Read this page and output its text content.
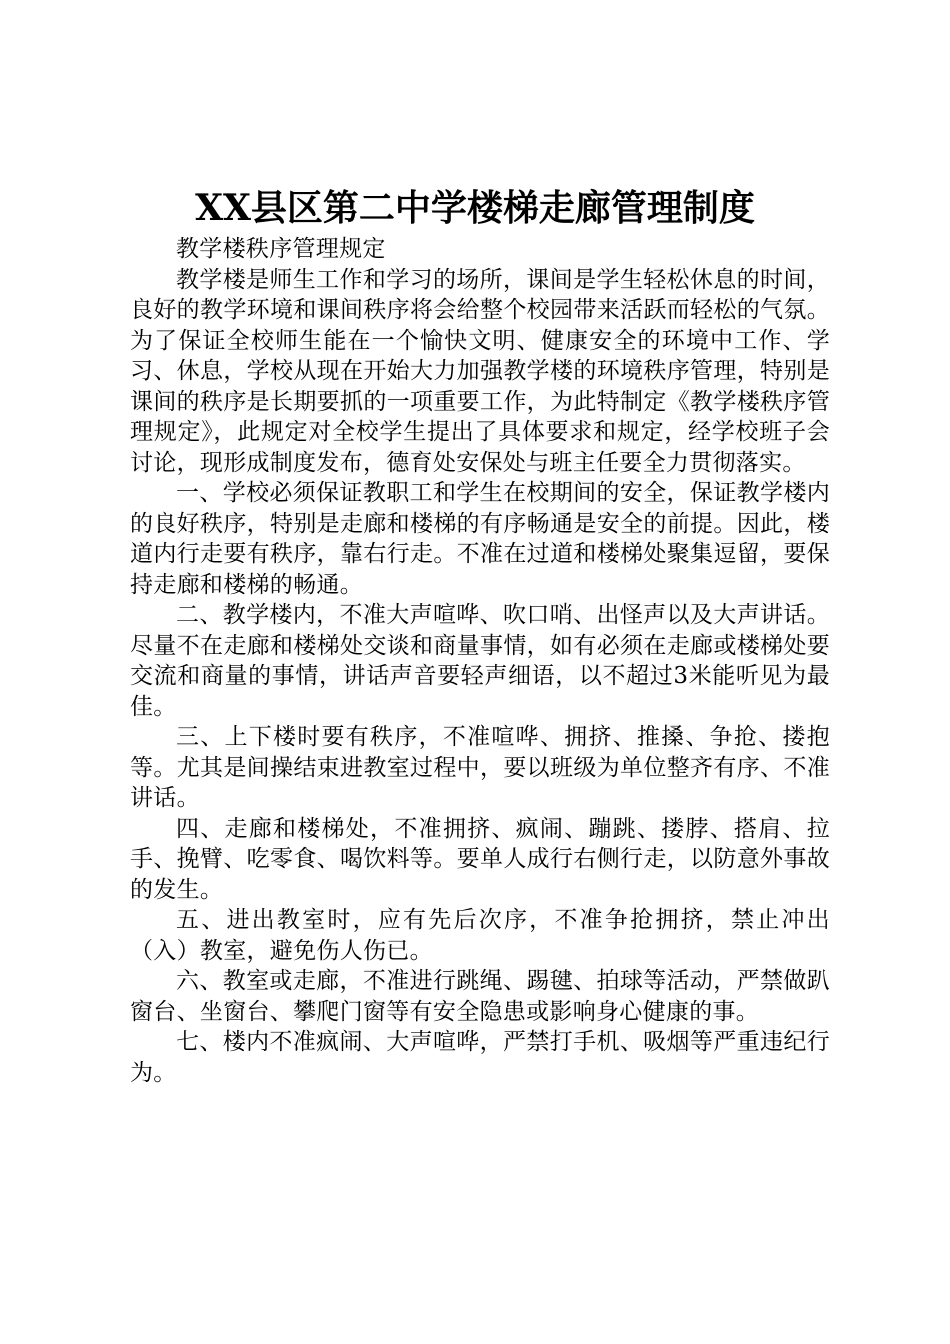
XX县区第二中学楼梯走廊管理制度

教学楼秩序管理规定

教学楼是师生工作和学习的场所，课间是学生轻松休息的时间，良好的教学环境和课间秩序将会给整个校园带来活跃而轻松的气氛。为了保证全校师生能在一个愉快文明、健康安全的环境中工作、学习、休息，学校从现在开始大力加强教学楼的环境秩序管理，特别是课间的秩序是长期要抓的一项重要工作，为此特制定《教学楼秩序管理规定》，此规定对全校学生提出了具体要求和规定，经学校班子会讨论，现形成制度发布，德育处安保处与班主任要全力贯彻落实。

一、学校必须保证教职工和学生在校期间的安全，保证教学楼内的良好秩序，特别是走廊和楼梯的有序畅通是安全的前提。因此，楼道内行走要有秩序，靠右行走。不准在过道和楼梯处聚集逗留，要保持走廊和楼梯的畅通。

二、教学楼内，不准大声喧哗、吹口哨、出怪声以及大声讲话。尽量不在走廊和楼梯处交谈和商量事情，如有必须在走廊或楼梯处要交流和商量的事情，讲话声音要轻声细语，以不超过3米能听见为最佳。

三、上下楼时要有秩序，不准喧哗、拥挤、推搡、争抢、搂抱等。尤其是间操结束进教室过程中，要以班级为单位整齐有序、不准讲话。

四、走廊和楼梯处，不准拥挤、疯闹、蹦跳、搂脖、搭肩、拉手、挽臂、吃零食、喝饮料等。要单人成行右侧行走，以防意外事故的发生。

五、进出教室时，应有先后次序，不准争抢拥挤，禁止冲出（入）教室，避免伤人伤已。

六、教室或走廊，不准进行跳绳、踢毽、拍球等活动，严禁做趴窗台、坐窗台、攀爬门窗等有安全隐患或影响身心健康的事。

七、楼内不准疯闹、大声喧哗，严禁打手机、吸烟等严重违纪行为。
